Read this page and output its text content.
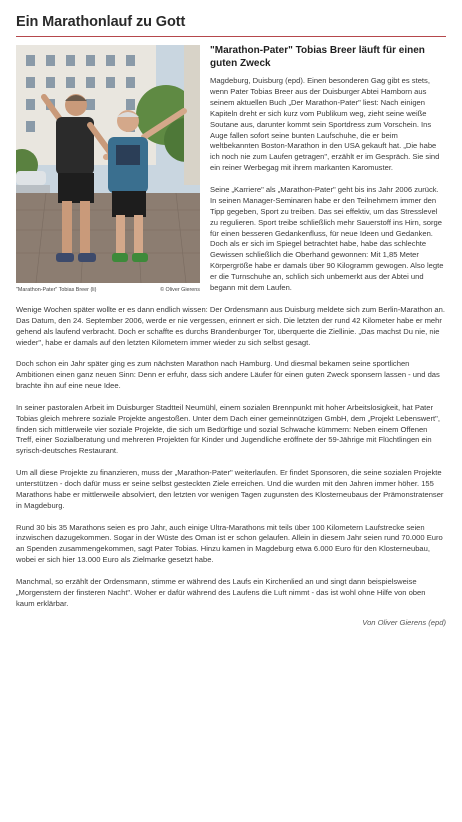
Ein Marathonlauf zu Gott
"Marathon-Pater" Tobias Breer (li)	© Oliver Gierens
"Marathon-Pater" Tobias Breer läuft für einen guten Zweck

Magdeburg, Duisburg (epd). Einen besonderen Gag gibt es stets, wenn Pater Tobias Breer aus der Duisburger Abtei Hamborn aus seinem aktuellen Buch „Der Marathon-Pater" liest: Nach einigen Kapiteln dreht er sich kurz vom Publikum weg, zieht seine weiße Soutane aus, darunter kommt sein Sportdress zum Vorschein. Ins Auge fallen sofort seine bunten Laufschuhe, die er beim weltbekannten Boston-Marathon in den USA gekauft hat. „Die habe ich noch nie zum Laufen getragen", erzählt er im Gespräch. Sie sind ein reiner Werbegag mit ihrem markanten Karomuster.

Seine „Karriere" als „Marathon-Pater" geht bis ins Jahr 2006 zurück. In seinen Manager-Seminaren habe er den Teilnehmern immer den Tipp gegeben, Sport zu treiben. Das sei effektiv, um das Stresslevel zu regulieren. Sport treibe schließlich mehr Sauerstoff ins Hirn, sorge für einen besseren Gedankenfluss, für neue Ideen und Gedanken. Doch als er sich im Spiegel betrachtet habe, habe das schlechte Gewissen schließlich die Oberhand gewonnen: Mit 1,85 Meter Körpergröße habe er damals über 90 Kilogramm gewogen. Also legte er die Turnschuhe an, schlich sich unbemerkt aus der Abtei und begann mit dem Laufen.

Wenige Wochen später wollte er es dann endlich wissen: Der Ordensmann aus Duisburg meldete sich zum Berlin-Marathon an. Das Datum, den 24. September 2006, werde er nie vergessen, erinnert er sich. Die letzten der rund 42 Kilometer habe er mehr gehend als laufend verbracht. Doch er schaffte es durchs Brandenburger Tor, überquerte die Ziellinie. „Das machst Du nie, nie wieder", habe er damals auf den letzten Kilometern immer wieder zu sich selbst gesagt.

Doch schon ein Jahr später ging es zum nächsten Marathon nach Hamburg. Und diesmal bekamen seine sportlichen Ambitionen einen ganz neuen Sinn: Denn er erfuhr, dass sich andere Läufer für einen guten Zweck sponsern lassen - und das brachte ihn auf eine neue Idee.

In seiner pastoralen Arbeit im Duisburger Stadtteil Neumühl, einem sozialen Brennpunkt mit hoher Arbeitslosigkeit, hat Pater Tobias gleich mehrere soziale Projekte angestoßen. Unter dem Dach einer gemeinnützigen GmbH, dem „Projekt Lebenswert", finden sich mittlerweile vier soziale Projekte, die sich um Bedürftige und sozial Schwache kümmern: Neben einem Offenen Treff, einer Sozialberatung und mehreren Projekten für Kinder und Jugendliche eröffnete der 59-Jährige mit Flüchtlingen ein syrisch-deutsches Restaurant.

Um all diese Projekte zu finanzieren, muss der „Marathon-Pater" weiterlaufen. Er findet Sponsoren, die seine sozialen Projekte unterstützen - doch dafür muss er seine selbst gesteckten Ziele erreichen. Und die wurden mit den Jahren immer höher. 155 Marathons habe er mittlerweile absolviert, den letzten vor wenigen Tagen zugunsten des Klosterneubaus der Prämonstratenser in Magdeburg.

Rund 30 bis 35 Marathons seien es pro Jahr, auch einige Ultra-Marathons mit teils über 100 Kilometern Laufstrecke seien inzwischen dazugekommen. Sogar in der Wüste des Oman ist er schon gelaufen. Allein in diesem Jahr seien rund 70.000 Euro an Spenden zusammengekommen, sagt Pater Tobias. Hinzu kamen in Magdeburg etwa 6.000 Euro für den Klosterneubau, wobei er sich hier 13.000 Euro als Zielmarke gesetzt habe.

Manchmal, so erzählt der Ordensmann, stimme er während des Laufs ein Kirchenlied an und singt dann beispielsweise „Morgenstern der finsteren Nacht". Woher er dafür während des Laufens die Luft nimmt - das ist wohl ohne Hilfe von oben kaum erklärbar.

Von Oliver Gierens (epd)
